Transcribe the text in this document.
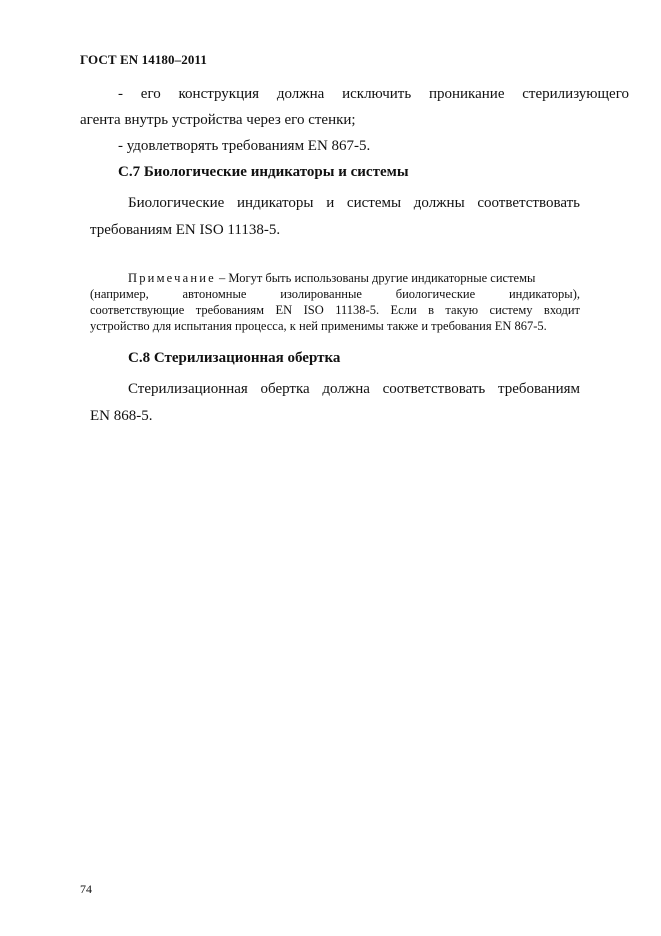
ГОСТ EN 14180–2011
- его конструкция должна исключить проникание стерилизующего
агента внутрь устройства через его стенки;
- удовлетворять требованиям EN 867-5.
С.7 Биологические индикаторы и системы
Биологические индикаторы и системы должны соответствовать
требованиям EN ISO 11138-5.
Примечание – Могут быть использованы другие индикаторные системы
(например, автономные изолированные биологические индикаторы),
соответствующие требованиям EN ISO 11138-5. Если в такую систему входит
устройство для испытания процесса, к ней применимы также и требования EN 867-5.
С.8 Стерилизационная обертка
Стерилизационная обертка должна соответствовать требованиям
EN 868-5.
74
